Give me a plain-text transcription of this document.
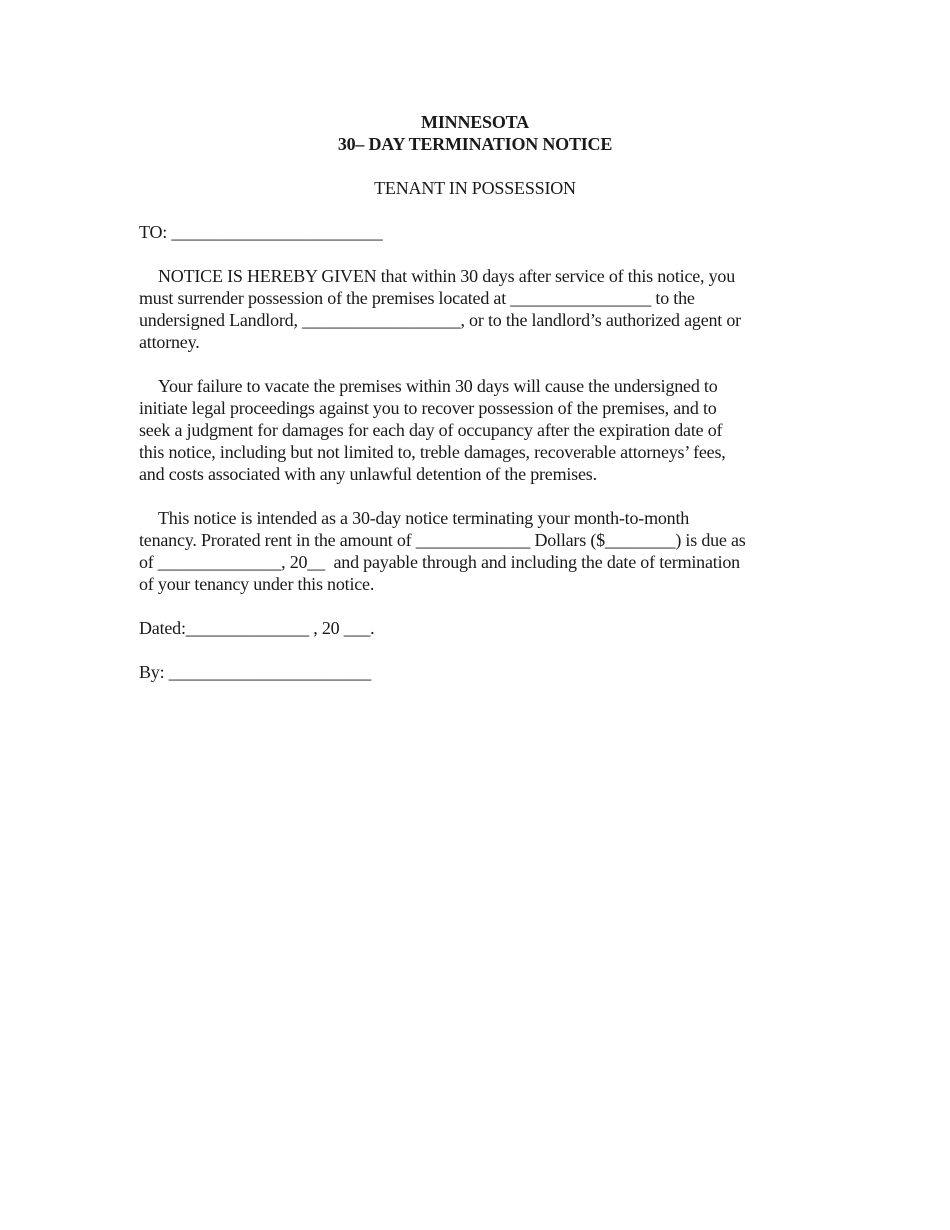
MINNESOTA
30– DAY TERMINATION NOTICE
TENANT IN POSSESSION
TO: ________________________
NOTICE IS HEREBY GIVEN that within 30 days after service of this notice, you
must surrender possession of the premises located at ________________ to the
undersigned Landlord, __________________, or to the landlord’s authorized agent or
attorney.
Your failure to vacate the premises within 30 days will cause the undersigned to
initiate legal proceedings against you to recover possession of the premises, and to
seek a judgment for damages for each day of occupancy after the expiration date of
this notice, including but not limited to, treble damages, recoverable attorneys’ fees,
and costs associated with any unlawful detention of the premises.
This notice is intended as a 30-day notice terminating your month-to-month
tenancy. Prorated rent in the amount of _____________ Dollars ($________) is due as
of ______________, 20__  and payable through and including the date of termination
of your tenancy under this notice.
Dated:______________ , 20 ___.
By: _______________________
